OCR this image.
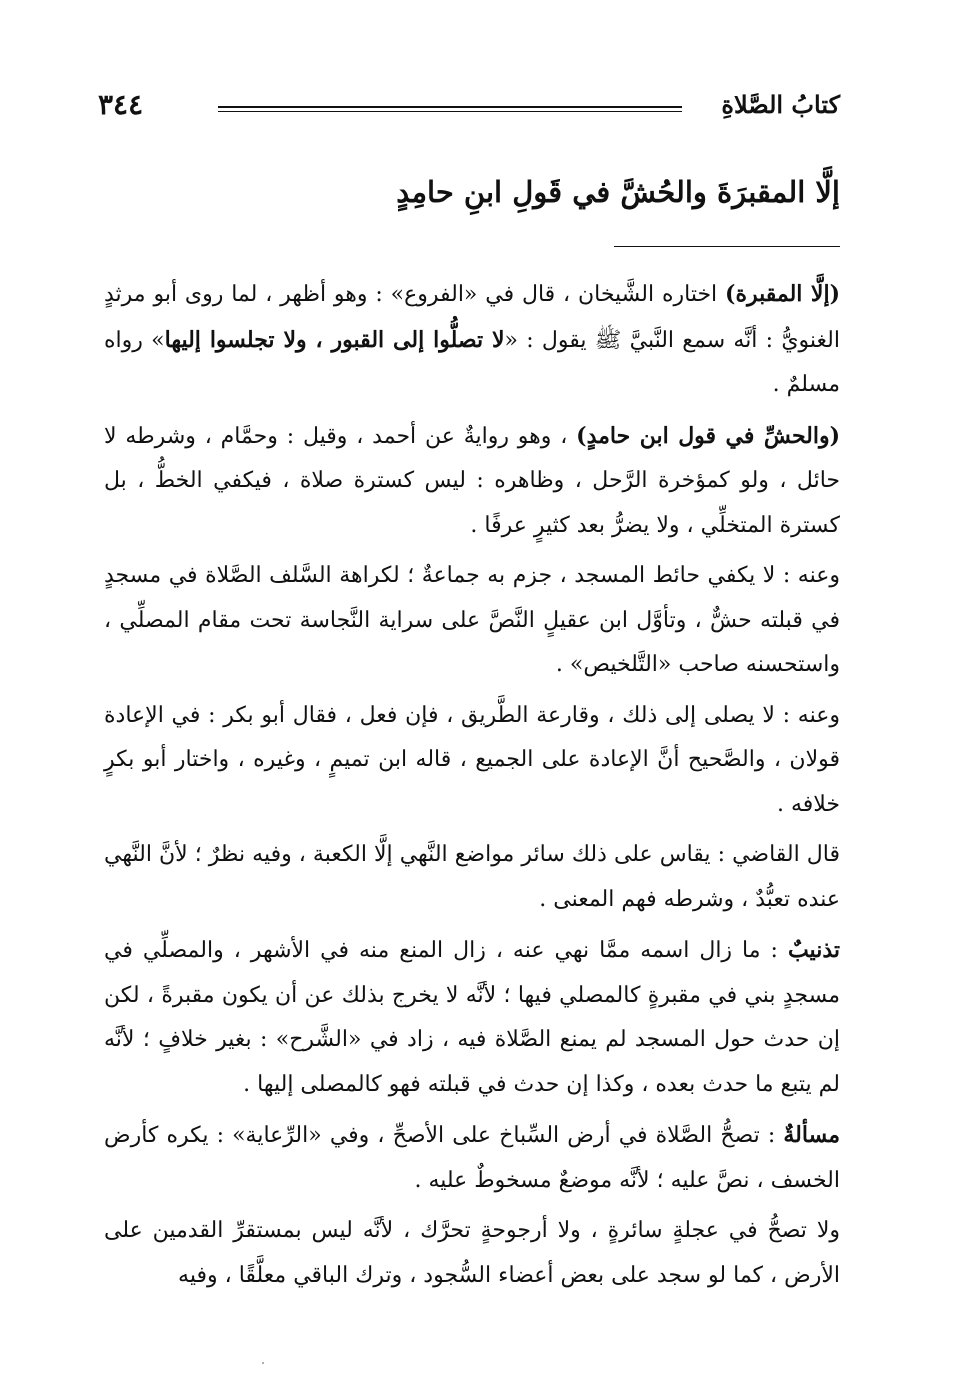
كتابُ الصَّلاةِ
٣٤٤
إلَّا المقبرَةَ والحُشَّ في قَولِ ابنِ حامِدٍ

(إلَّا المقبرة) اختاره الشَّيخان ، قال في «الفروع» : وهو أظهر ، لما روى أبو مرثدٍ الغنويُّ : أنَّه سمع النَّبيَّ ﷺ يقول : «لا تصلُّوا إلى القبور ، ولا تجلسوا إليها» رواه مسلمٌ .

(والحشِّ في قول ابن حامدٍ) ، وهو روايةٌ عن أحمد ، وقيل : وحمَّام ، وشرطه لا حائل ، ولو كمؤخرة الرَّحل ، وظاهره : ليس كسترة صلاة ، فيكفي الخطُّ ، بل كسترة المتخلِّي ، ولا يضرُّ بعد كثيرٍ عرفًا .

وعنه : لا يكفي حائط المسجد ، جزم به جماعةٌ ؛ لكراهة السَّلف الصَّلاة في مسجدٍ في قبلته حشٌّ ، وتأوَّل ابن عقيلٍ النَّصَّ على سراية النَّجاسة تحت مقام المصلِّي ، واستحسنه صاحب «التَّلخيص» .

وعنه : لا يصلى إلى ذلك ، وقارعة الطَّريق ، فإن فعل ، فقال أبو بكر : في الإعادة قولان ، والصَّحيح أنَّ الإعادة على الجميع ، قاله ابن تميمٍ ، وغيره ، واختار أبو بكرٍ خلافه .

قال القاضي : يقاس على ذلك سائر مواضع النَّهي إلَّا الكعبة ، وفيه نظرٌ ؛ لأنَّ النَّهي عنده تعبُّدٌ ، وشرطه فهم المعنى .

تذنيبٌ : ما زال اسمه ممَّا نهي عنه ، زال المنع منه في الأشهر ، والمصلِّي في مسجدٍ بني في مقبرةٍ كالمصلي فيها ؛ لأنَّه لا يخرج بذلك عن أن يكون مقبرةً ، لكن إن حدث حول المسجد لم يمنع الصَّلاة فيه ، زاد في «الشَّرح» : بغير خلافٍ ؛ لأنَّه لم يتبع ما حدث بعده ، وكذا إن حدث في قبلته فهو كالمصلى إليها .

مسألةٌ : تصحُّ الصَّلاة في أرض السِّباخ على الأصحِّ ، وفي «الرِّعاية» : يكره كأرض الخسف ، نصَّ عليه ؛ لأنَّه موضعٌ مسخوطٌ عليه .

ولا تصحُّ في عجلةٍ سائرةٍ ، ولا أرجوحةٍ تحرَّك ، لأنَّه ليس بمستقرِّ القدمين على الأرض ، كما لو سجد على بعض أعضاء السُّجود ، وترك الباقي معلَّقًا ، وفيه
